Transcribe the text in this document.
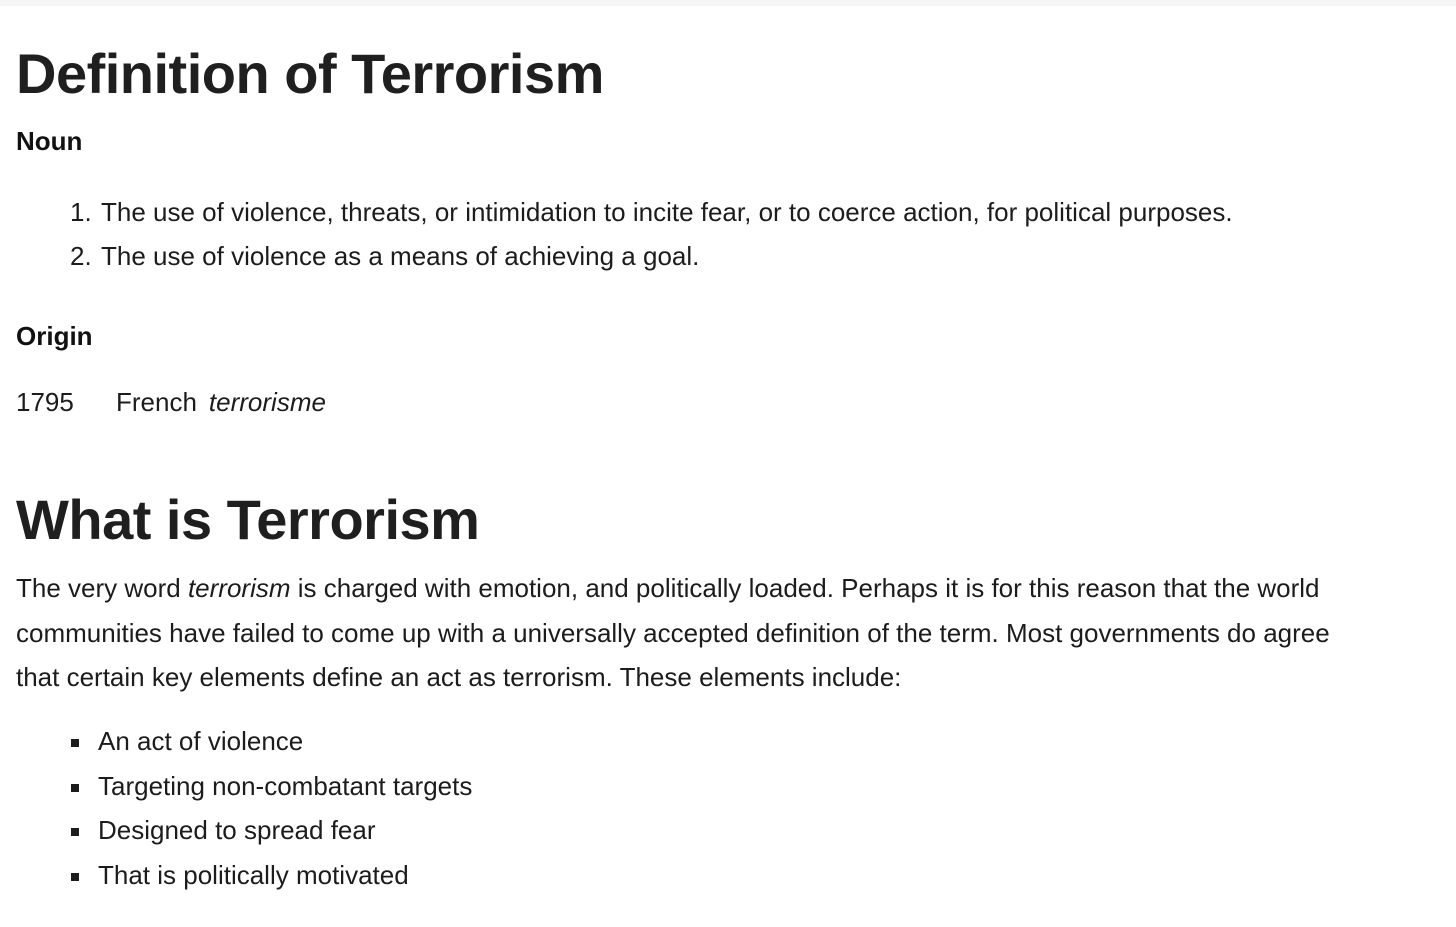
Definition of Terrorism
Noun
1. The use of violence, threats, or intimidation to incite fear, or to coerce action, for political purposes.
2. The use of violence as a means of achieving a goal.
Origin
1795 French terrorisme
What is Terrorism

The very word terrorism is charged with emotion, and politically loaded. Perhaps it is for this reason that the world
communities have failed to come up with a universally accepted definition of the term. Most governments do agree
that certain key elements define an act as terrorism. These elements include:

An act of violence
Targeting non-combatant targets
Designed to spread fear
That is politically motivated
